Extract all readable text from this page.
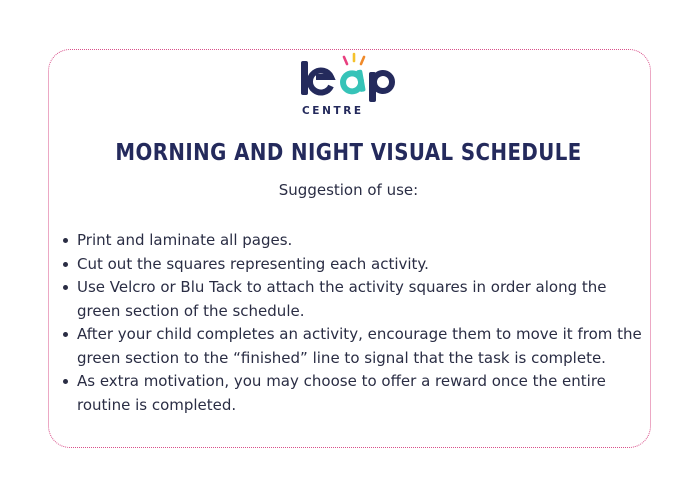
CENTRE
MORNING AND NIGHT VISUAL SCHEDULE
Suggestion of use:
Print and laminate all pages.
Cut out the squares representing each activity.
Use Velcro or Blu Tack to attach the activity squares in order along the green section of the schedule.
After your child completes an activity, encourage them to move it from the green section to the “finished” line to signal that the task is complete.
As extra motivation, you may choose to offer a reward once the entire routine is completed.
